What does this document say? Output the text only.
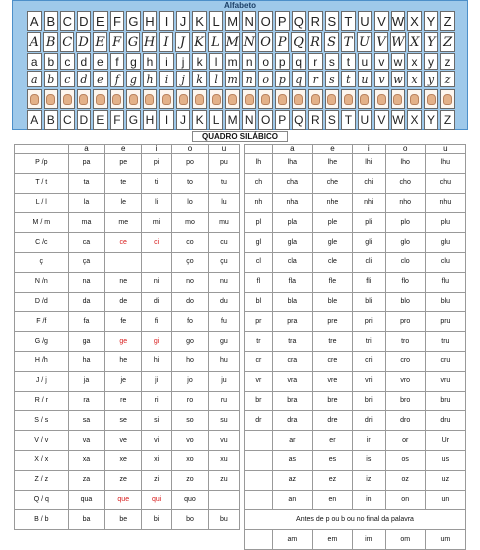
Alfabeto
A B C D E F G H I J K L M N O P Q R S T U V W X Y Z
A B C D E F G H I J K L M N O P Q R S T U V W X Y Z
a b c d e f g h i	j	k	l m n o p q r s t u v w x y z
a b c d e	f g h	i	j	k	l m n o p q r	s	t u v w x y z
A B C D E F G H I J K L M N O P Q R S T U V W X Y Z
QUADRO SILÁBICO
	a	e	i	o	u
P /p	pa	pe	pi	po	pu
T / t	ta	te	ti	to	tu
L / l	la	le	li	lo	lu
M / m	ma	me	mi	mo	mu
C /c	ca	ce	ci	co	cu
ç	ça			ço	çu
N /n	na	ne	ni	no	nu
D /d	da	de	di	do	du
F /f	fa	fe	fi	fo	fu
G /g	ga	ge	gi	go	gu
H /h	ha	he	hi	ho	hu
J / j	ja	je	ji	jo	ju
R / r	ra	re	ri	ro	ru
S / s	sa	se	si	so	su
V / v	va	ve	vi	vo	vu
X / x	xa	xe	xi	xo	xu
Z / z	za	ze	zi	zo	zu
Q / q	qua	que	qui	quo	
B / b	ba	be	bi	bo	bu
	a	e	i	o	u
lh	lha	lhe	lhi	lho	lhu
ch	cha	che	chi	cho	chu
nh	nha	nhe	nhi	nho	nhu
pl	pla	ple	pli	plo	plu
gl	gla	gle	gli	glo	glu
cl	cla	cle	cli	clo	clu
fl	fla	fle	fli	flo	flu
bl	bla	ble	bli	blo	blu
pr	pra	pre	pri	pro	pru
tr	tra	tre	tri	tro	tru
cr	cra	cre	cri	cro	cru
vr	vra	vre	vri	vro	vru
br	bra	bre	bri	bro	bru
dr	dra	dre	dri	dro	dru
	ar	er	ir	or	Ur
	as	es	is	os	us
	az	ez	iz	oz	uz
	an	en	in	on	un
Antes de p ou b ou no final da palavra					
	am	em	im	om	um
